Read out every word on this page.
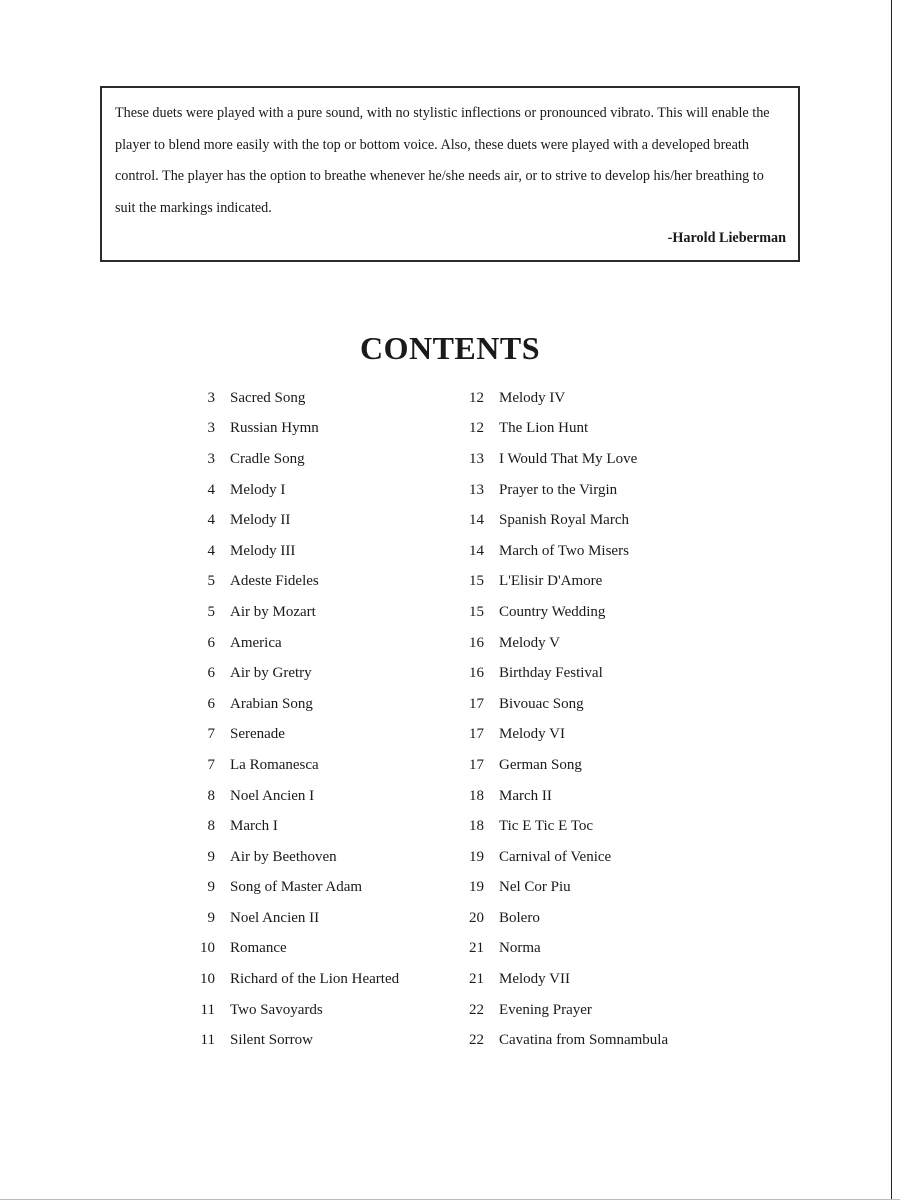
These duets were played with a pure sound, with no stylistic inflections or pronounced vibrato. This will enable the player to blend more easily with the top or bottom voice. Also, these duets were played with a developed breath control. The player has the option to breathe whenever he/she needs air, or to strive to develop his/her breathing to suit the markings indicated.

-Harold Lieberman
CONTENTS
3 Sacred Song
3 Russian Hymn
3 Cradle Song
4 Melody I
4 Melody II
4 Melody III
5 Adeste Fideles
5 Air by Mozart
6 America
6 Air by Gretry
6 Arabian Song
7 Serenade
7 La Romanesca
8 Noel Ancien I
8 March I
9 Air by Beethoven
9 Song of Master Adam
9 Noel Ancien II
10 Romance
10 Richard of the Lion Hearted
11 Two Savoyards
11 Silent Sorrow
12 Melody IV
12 The Lion Hunt
13 I Would That My Love
13 Prayer to the Virgin
14 Spanish Royal March
14 March of Two Misers
15 L'Elisir D'Amore
15 Country Wedding
16 Melody V
16 Birthday Festival
17 Bivouac Song
17 Melody VI
17 German Song
18 March II
18 Tic E Tic E Toc
19 Carnival of Venice
19 Nel Cor Piu
20 Bolero
21 Norma
21 Melody VII
22 Evening Prayer
22 Cavatina from Somnambula
